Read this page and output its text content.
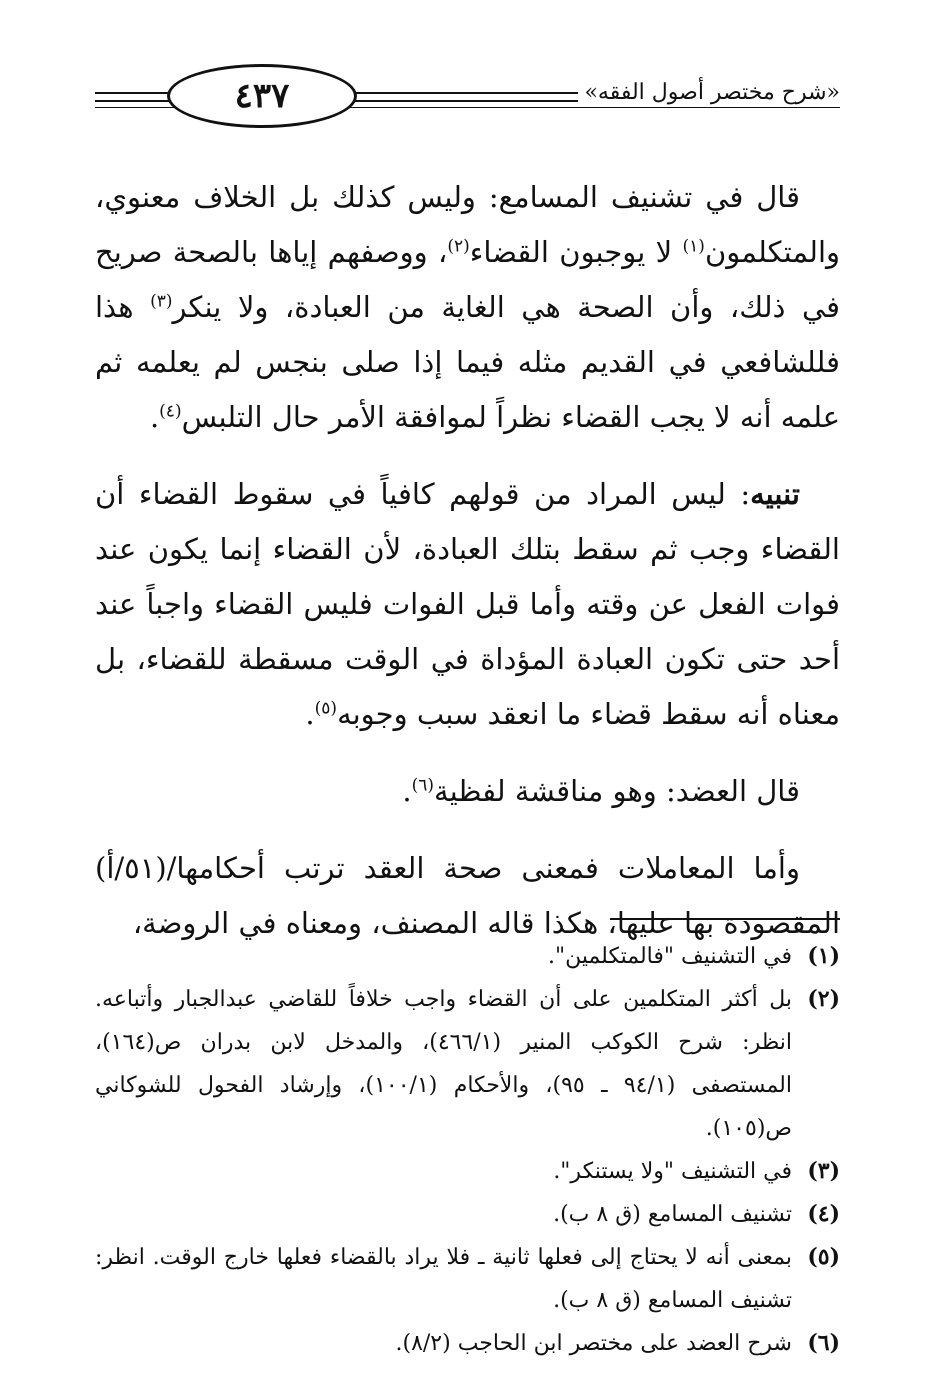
٤٣٧	«شرح مختصر أصول الفقه»

قال في تشنيف المسامع: وليس كذلك بل الخلاف معنوي، والمتكلمون$^{(١)}$ لا يوجبون القضاء$^{(٢)}$، ووصفهم إياها بالصحة صريح في ذلك، وأن الصحة هي الغاية من العبادة، ولا ينكر$^{(٣)}$ هذا فللشافعي في القديم مثله فيما إذا صلى بنجس لم يعلمه ثم علمه أنه لا يجب القضاء نظراً لموافقة الأمر حال التلبس$^{(٤)}$.

تنبيه: ليس المراد من قولهم كافياً في سقوط القضاء أن القضاء وجب ثم سقط بتلك العبادة، لأن القضاء إنما يكون عند فوات الفعل عن وقته وأما قبل الفوات فليس القضاء واجباً عند أحد حتى تكون العبادة المؤداة في الوقت مسقطة للقضاء، بل معناه أنه سقط قضاء ما انعقد سبب وجوبه$^{(٥)}$.

قال العضد: وهو مناقشة لفظية$^{(٦)}$.

وأما المعاملات فمعنى صحة العقد ترتب أحكامها/(٥١/أ) المقصودة بها عليها، هكذا قاله المصنف، ومعناه في الروضة،

(١)
في التشنيف "فالمتكلمين".
(٢)
بل أكثر المتكلمين على أن القضاء واجب خلافاً للقاضي عبدالجبار وأتباعه. انظر: شرح الكوكب المنير (٤٦٦/١)، والمدخل لابن بدران ص(١٦٤)، المستصفى (٩٤/١ ـ ٩٥)، والأحكام (١٠٠/١)، وإرشاد الفحول للشوكاني ص(١٠٥).
(٣)
في التشنيف "ولا يستنكر".
(٤)
تشنيف المسامع (ق ٨ ب).
(٥)
بمعنى أنه لا يحتاج إلى فعلها ثانية ـ فلا يراد بالقضاء فعلها خارج الوقت. انظر: تشنيف المسامع (ق ٨ ب).
(٦)
شرح العضد على مختصر ابن الحاجب (٨/٢).
